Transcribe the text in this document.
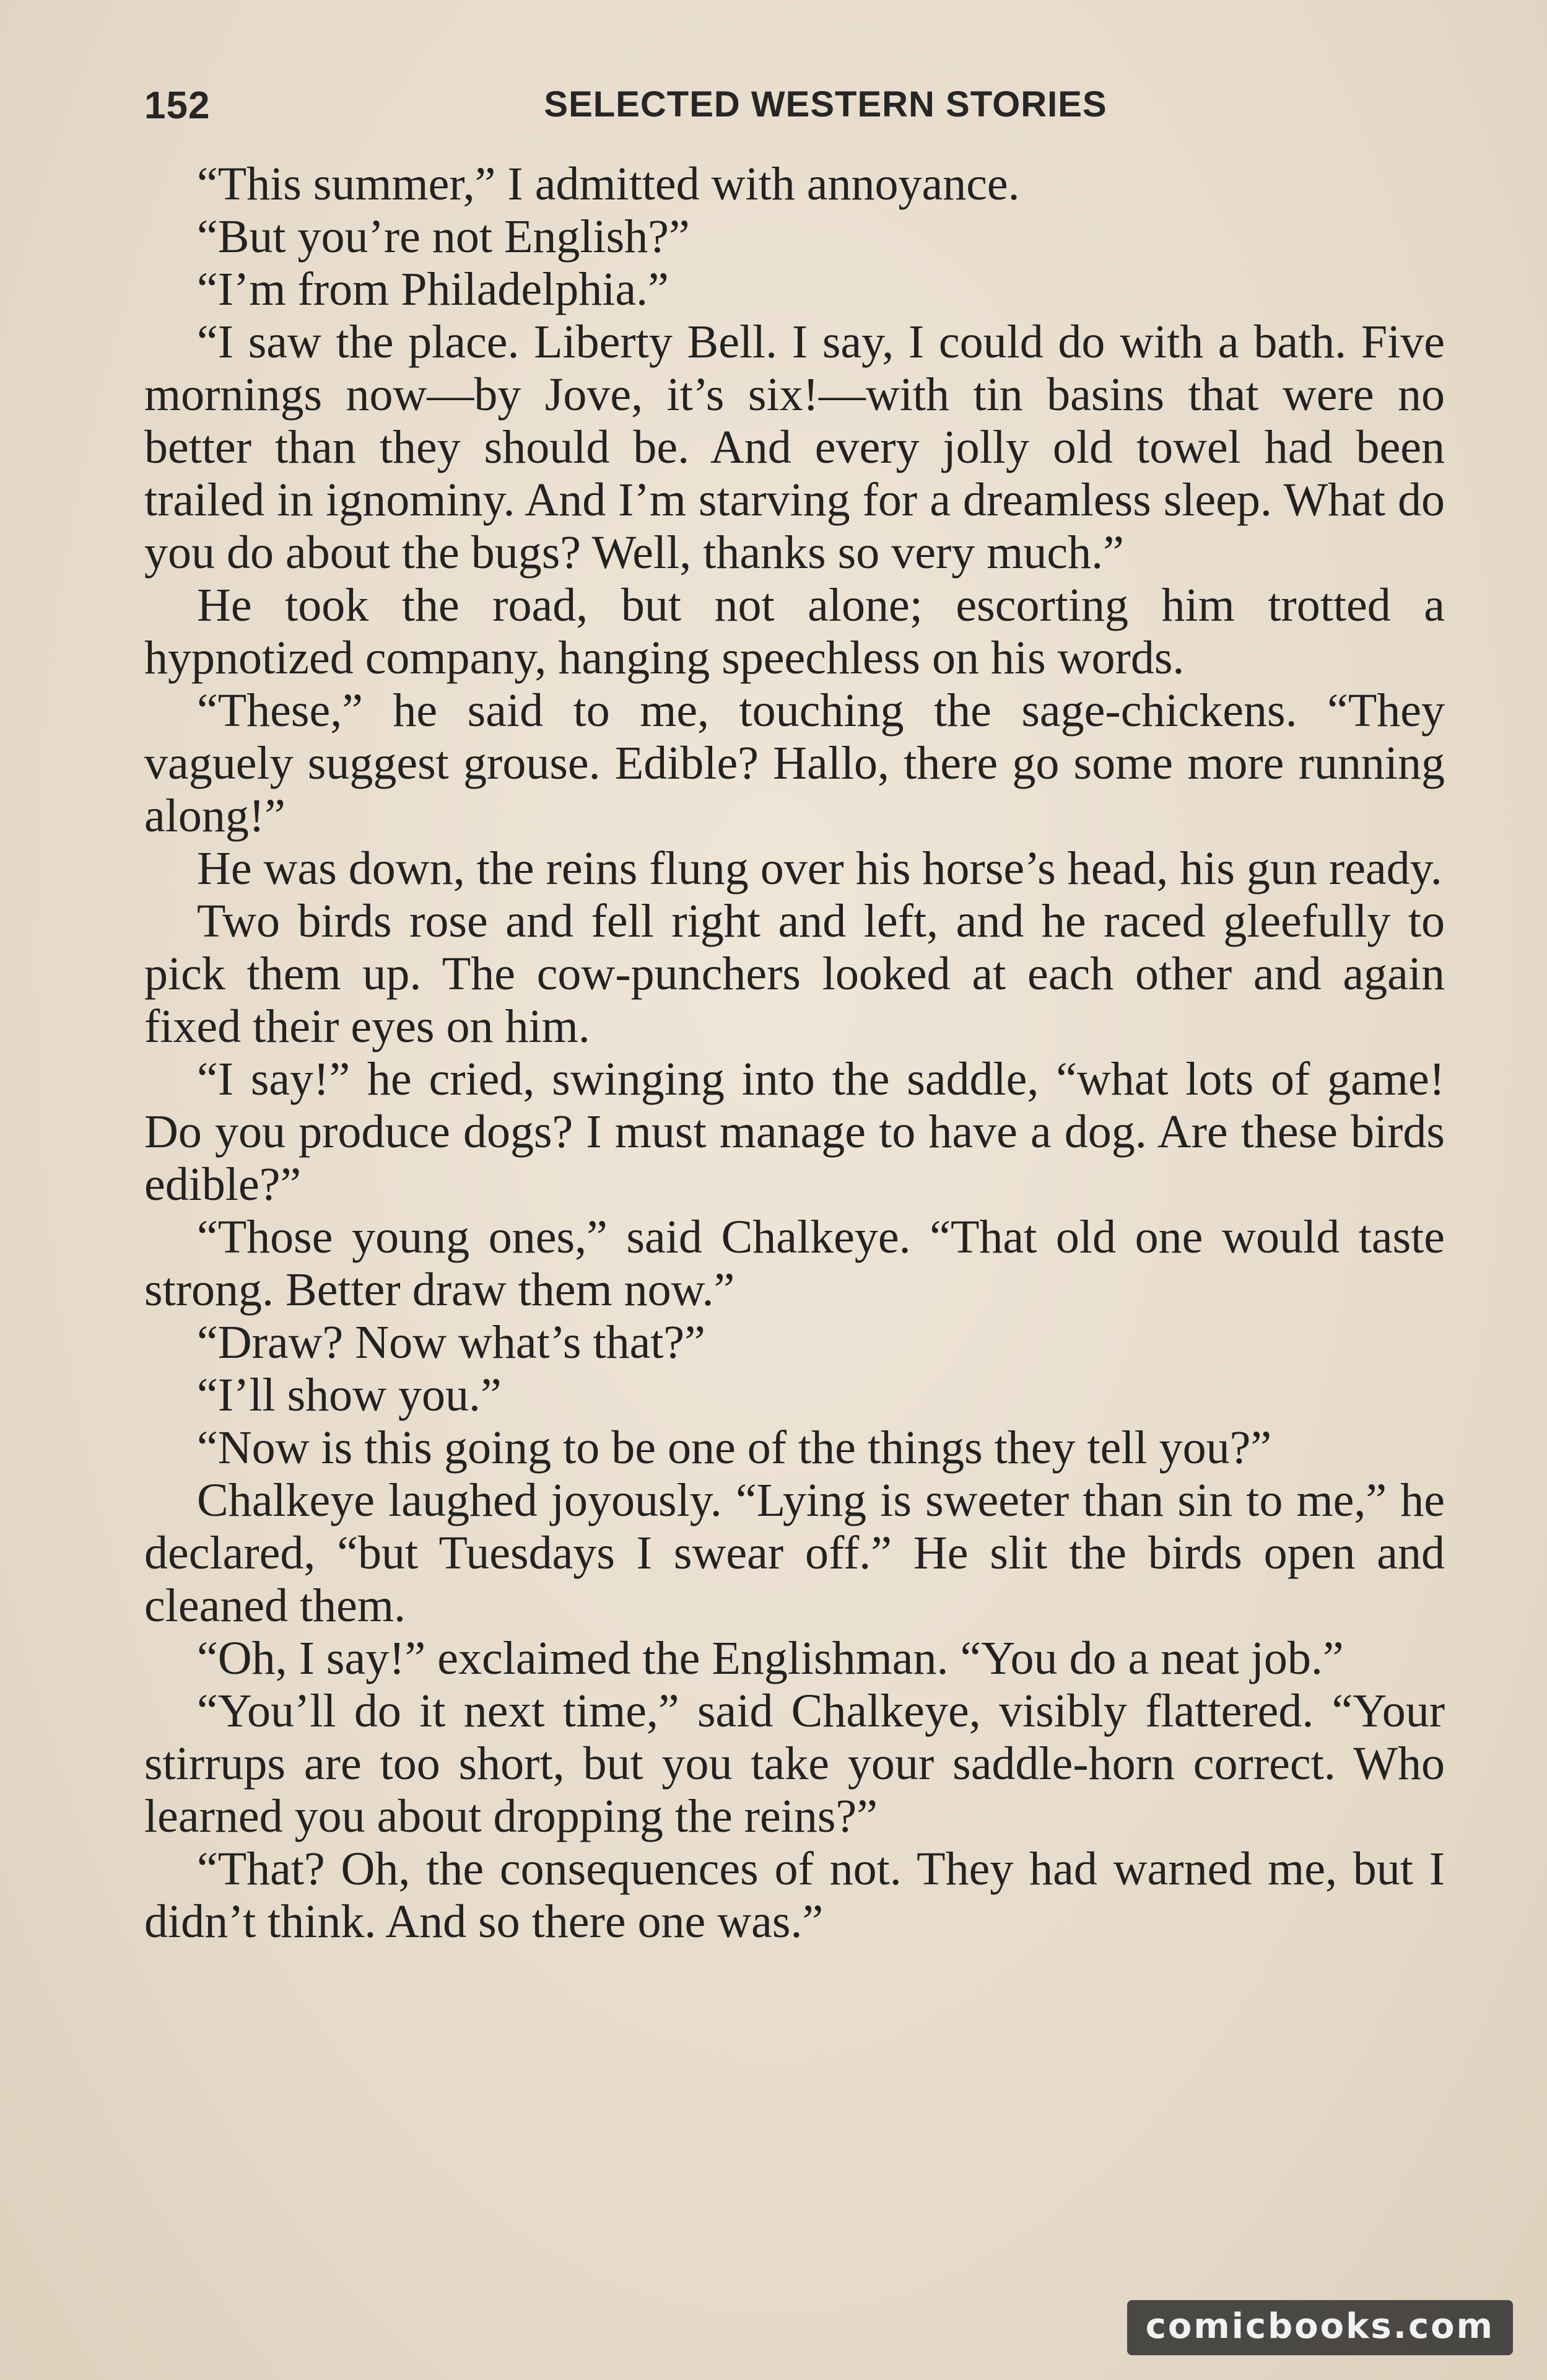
152	SELECTED WESTERN STORIES

“This summer,” I admitted with annoyance.

“But you’re not English?”

“I’m from Philadelphia.”

“I saw the place. Liberty Bell. I say, I could do with a bath. Five mornings now—by Jove, it’s six!—with tin basins that were no better than they should be. And every jolly old towel had been trailed in ignominy. And I’m starving for a dreamless sleep. What do you do about the bugs? Well, thanks so very much.”

He took the road, but not alone; escorting him trotted a hypnotized company, hanging speechless on his words.

“These,” he said to me, touching the sage-chickens. “They vaguely suggest grouse. Edible? Hallo, there go some more running along!”

He was down, the reins flung over his horse’s head, his gun ready.

Two birds rose and fell right and left, and he raced gleefully to pick them up. The cow-punchers looked at each other and again fixed their eyes on him.

“I say!” he cried, swinging into the saddle, “what lots of game! Do you produce dogs? I must manage to have a dog. Are these birds edible?”

“Those young ones,” said Chalkeye. “That old one would taste strong. Better draw them now.”

“Draw? Now what’s that?”

“I’ll show you.”

“Now is this going to be one of the things they tell you?”

Chalkeye laughed joyously. “Lying is sweeter than sin to me,” he declared, “but Tuesdays I swear off.” He slit the birds open and cleaned them.

“Oh, I say!” exclaimed the Englishman. “You do a neat job.”

“You’ll do it next time,” said Chalkeye, visibly flattered. “Your stirrups are too short, but you take your saddle-horn correct. Who learned you about dropping the reins?”

“That? Oh, the consequences of not. They had warned me, but I didn’t think. And so there one was.”

comicbooks.com
